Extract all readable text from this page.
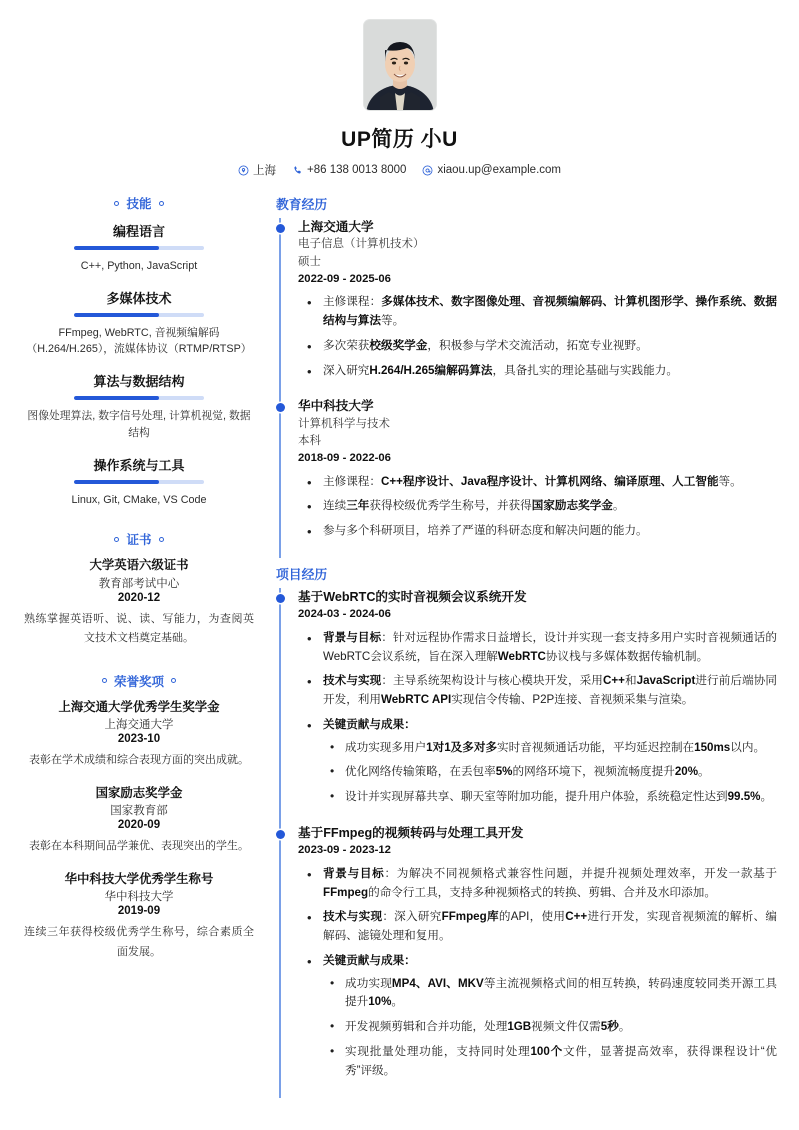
UP简历 小U
上海	+86 138 0013 8000	xiaou.up@example.com
技能
编程语言
C++, Python, JavaScript
多媒体技术
FFmpeg, WebRTC, 音视频编解码（H.264/H.265），流媒体协议（RTMP/RTSP）
算法与数据结构
图像处理算法, 数字信号处理, 计算机视觉, 数据结构
操作系统与工具
Linux, Git, CMake, VS Code
证书
大学英语六级证书
教育部考试中心
2020-12
熟练掌握英语听、说、读、写能力，为查阅英文技术文档奠定基础。
荣誉奖项
上海交通大学优秀学生奖学金
上海交通大学
2023-10
表彰在学术成绩和综合表现方面的突出成就。
国家励志奖学金
国家教育部
2020-09
表彰在本科期间品学兼优、表现突出的学生。
华中科技大学优秀学生称号
华中科技大学
2019-09
连续三年获得校级优秀学生称号，综合素质全面发展。
教育经历
上海交通大学
电子信息（计算机技术）
硕士
2022-09 - 2025-06
• 主修课程：多媒体技术、数字图像处理、音视频编解码、计算机图形学、操作系统、数据结构与算法等。
• 多次荣获校级奖学金，积极参与学术交流活动，拓宽专业视野。
• 深入研究H.264/H.265编解码算法，具备扎实的理论基础与实践能力。
华中科技大学
计算机科学与技术
本科
2018-09 - 2022-06
• 主修课程：C++程序设计、Java程序设计、计算机网络、编译原理、人工智能等。
• 连续三年获得校级优秀学生称号，并获得国家励志奖学金。
• 参与多个科研项目，培养了严谨的科研态度和解决问题的能力。
项目经历
基于WebRTC的实时音视频会议系统开发
2024-03 - 2024-06
• 背景与目标：针对远程协作需求日益增长，设计并实现一套支持多用户实时音视频通话的WebRTC会议系统，旨在深入理解WebRTC协议栈与多媒体数据传输机制。
• 技术与实现：主导系统架构设计与核心模块开发，采用C++和JavaScript进行前后端协同开发，利用WebRTC API实现信令传输、P2P连接、音视频采集与渲染。
• 关键贡献与成果：
• 成功实现多用户1对1及多对多实时音视频通话功能，平均延迟控制在150ms以内。
• 优化网络传输策略，在丢包率5%的网络环境下，视频流畅度提升20%。
• 设计并实现屏幕共享、聊天室等附加功能，提升用户体验，系统稳定性达到99.5%。
基于FFmpeg的视频转码与处理工具开发
2023-09 - 2023-12
• 背景与目标：为解决不同视频格式兼容性问题，并提升视频处理效率，开发一款基于FFmpeg的命令行工具，支持多种视频格式的转换、剪辑、合并及水印添加。
• 技术与实现：深入研究FFmpeg库的API，使用C++进行开发，实现音视频流的解析、编解码、滤镜处理和复用。
• 关键贡献与成果：
• 成功实现MP4、AVI、MKV等主流视频格式间的相互转换，转码速度较同类开源工具提升10%。
• 开发视频剪辑和合并功能，处理1GB视频文件仅需5秒。
• 实现批量处理功能，支持同时处理100个文件，显著提高效率，获得课程设计“优秀”评级。
